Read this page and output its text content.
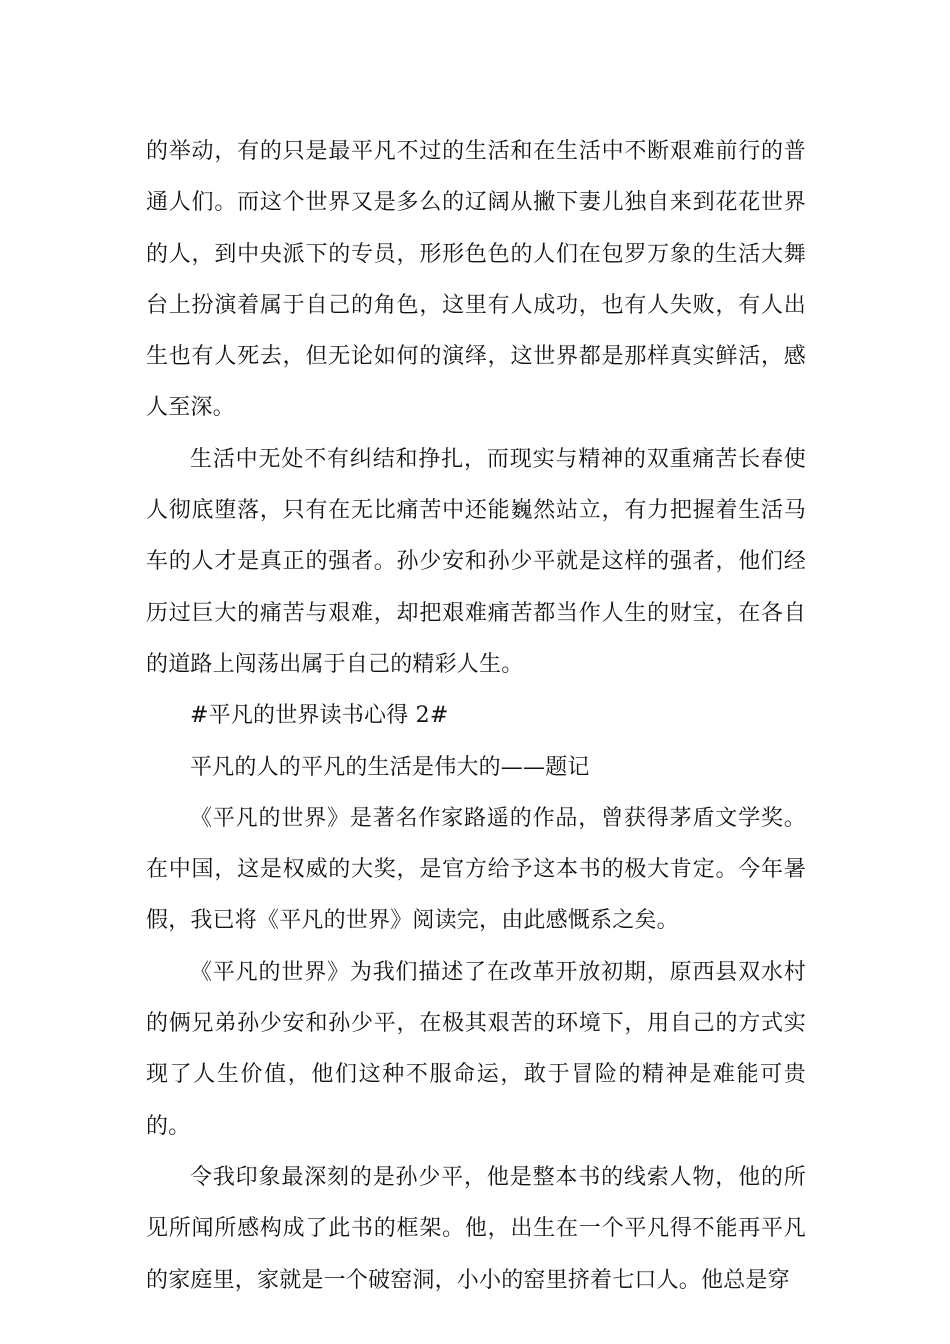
的举动，有的只是最平凡不过的生活和在生活中不断艰难前行的普通人们。而这个世界又是多么的辽阔从撇下妻儿独自来到花花世界的人，到中央派下的专员，形形色色的人们在包罗万象的生活大舞台上扮演着属于自己的角色，这里有人成功，也有人失败，有人出生也有人死去，但无论如何的演绎，这世界都是那样真实鲜活，感人至深。

生活中无处不有纠结和挣扎，而现实与精神的双重痛苦长春使人彻底堕落，只有在无比痛苦中还能巍然站立，有力把握着生活马车的人才是真正的强者。孙少安和孙少平就是这样的强者，他们经历过巨大的痛苦与艰难，却把艰难痛苦都当作人生的财宝，在各自的道路上闯荡出属于自己的精彩人生。

#平凡的世界读书心得 2#

平凡的人的平凡的生活是伟大的——题记

《平凡的世界》是著名作家路遥的作品，曾获得茅盾文学奖。在中国，这是权威的大奖，是官方给予这本书的极大肯定。今年暑假，我已将《平凡的世界》阅读完，由此感慨系之矣。

《平凡的世界》为我们描述了在改革开放初期，原西县双水村的俩兄弟孙少安和孙少平，在极其艰苦的环境下，用自己的方式实现了人生价值，他们这种不服命运，敢于冒险的精神是难能可贵的。

令我印象最深刻的是孙少平，他是整本书的线索人物，他的所见所闻所感构成了此书的框架。他，出生在一个平凡得不能再平凡的家庭里，家就是一个破窑洞，小小的窑里挤着七口人。他总是穿
